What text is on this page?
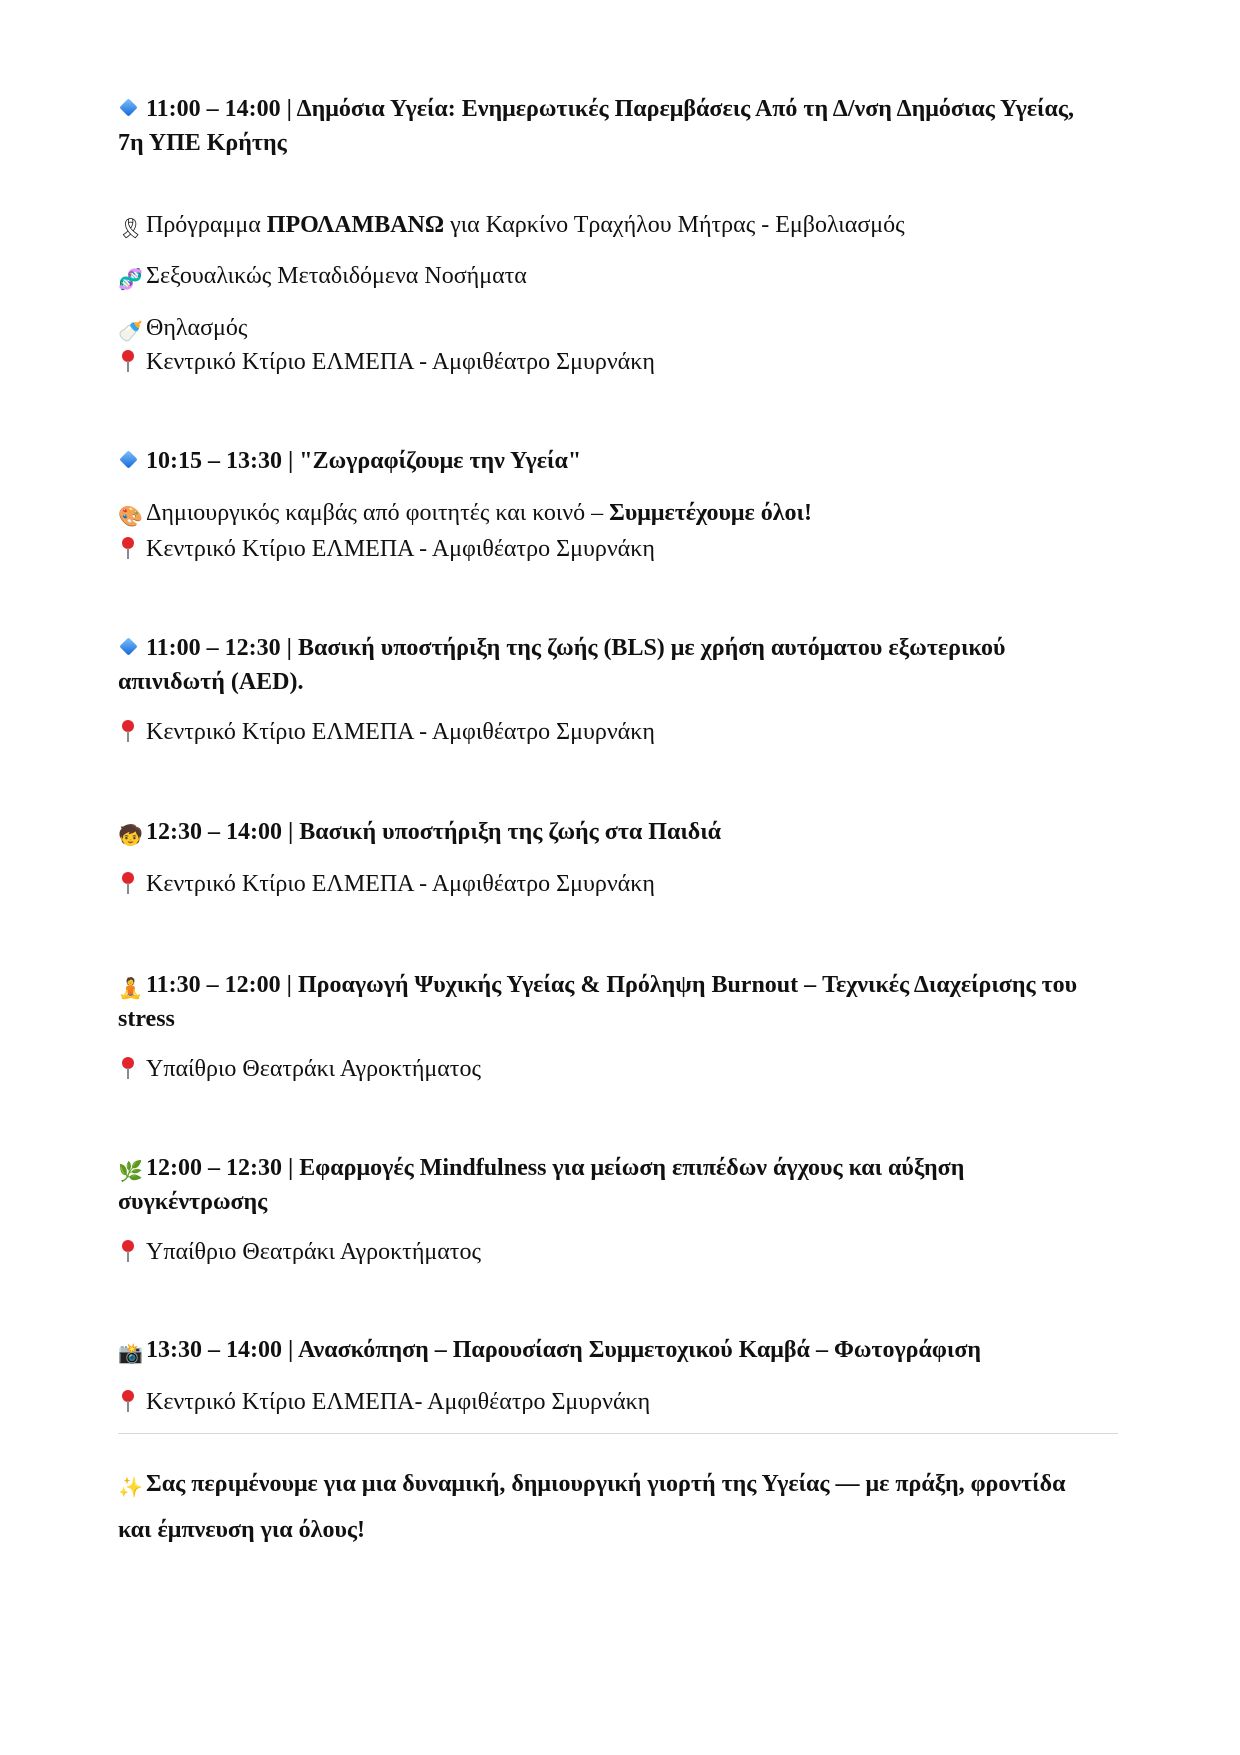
11:00 – 14:00 | Δημόσια Υγεία: Ενημερωτικές Παρεμβάσεις Από τη Δ/νση Δημόσιας Υγείας,
7η ΥΠΕ Κρήτης
🎗 Πρόγραμμα ΠΡΟΛΑΜΒΑΝΩ για Καρκίνο Τραχήλου Μήτρας - Εμβολιασμός
🧬 Σεξουαλικώς Μεταδιδόμενα Νοσήματα
🍼 Θηλασμός
Κεντρικό Κτίριο ΕΛΜΕΠΑ - Αμφιθέατρο Σμυρνάκη
10:15 – 13:30 | "Ζωγραφίζουμε την Υγεία"
🎨 Δημιουργικός καμβάς από φοιτητές και κοινό – Συμμετέχουμε όλοι!
Κεντρικό Κτίριο ΕΛΜΕΠΑ - Αμφιθέατρο Σμυρνάκη
11:00 – 12:30 | Βασική υποστήριξη της ζωής (BLS) με χρήση αυτόματου εξωτερικού
απινιδωτή (AED).
Κεντρικό Κτίριο ΕΛΜΕΠΑ - Αμφιθέατρο Σμυρνάκη
🧒 12:30 – 14:00 | Βασική υποστήριξη της ζωής στα Παιδιά
Κεντρικό Κτίριο ΕΛΜΕΠΑ - Αμφιθέατρο Σμυρνάκη
🧘 11:30 – 12:00 | Προαγωγή Ψυχικής Υγείας & Πρόληψη Burnout – Τεχνικές Διαχείρισης του
stress
Υπαίθριο Θεατράκι Αγροκτήματος
🌿 12:00 – 12:30 | Εφαρμογές Mindfulness για μείωση επιπέδων άγχους και αύξηση
συγκέντρωσης
Υπαίθριο Θεατράκι Αγροκτήματος
📸 13:30 – 14:00 | Ανασκόπηση – Παρουσίαση Συμμετοχικού Καμβά – Φωτογράφιση
Κεντρικό Κτίριο ΕΛΜΕΠΑ- Αμφιθέατρο Σμυρνάκη
✨ Σας περιμένουμε για μια δυναμική, δημιουργική γιορτή της Υγείας — με πράξη, φροντίδα
και έμπνευση για όλους!
